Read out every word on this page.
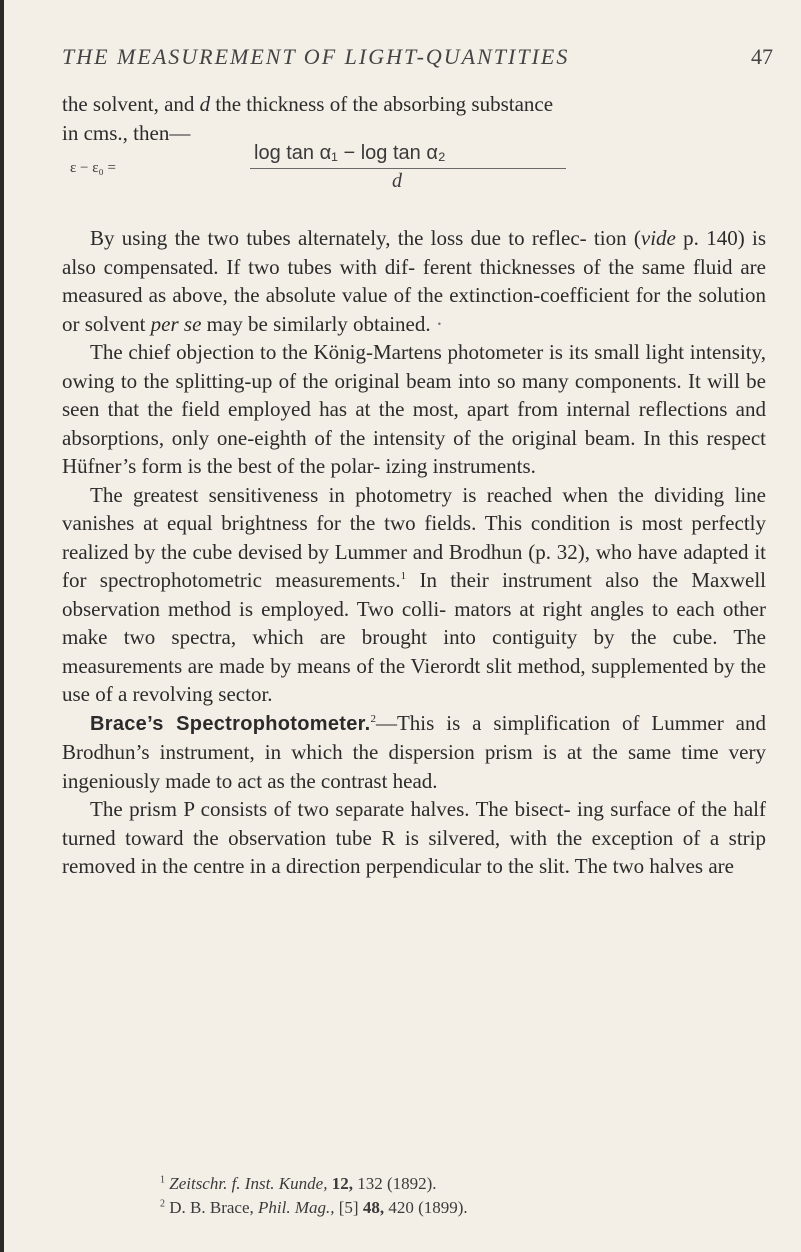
THE MEASUREMENT OF LIGHT-QUANTITIES	47

the solvent, and d the thickness of the absorbing substance

in cms., then—

ε − ε₀ =
log tan α₁ − log tan α₂
d

By using the two tubes alternately, the loss due to reflec- tion (vide p. 140) is also compensated. If two tubes with dif- ferent thicknesses of the same fluid are measured as above, the absolute value of the extinction-coefficient for the solution or solvent per se may be similarly obtained. ·

The chief objection to the König-Martens photometer is its small light intensity, owing to the splitting-up of the original beam into so many components. It will be seen that the field employed has at the most, apart from internal reflections and absorptions, only one-eighth of the intensity of the original beam. In this respect Hüfner’s form is the best of the polar- izing instruments.

The greatest sensitiveness in photometry is reached when the dividing line vanishes at equal brightness for the two fields. This condition is most perfectly realized by the cube devised by Lummer and Brodhun (p. 32), who have adapted it for spectrophotometric measurements.$^1$ In their instrument also the Maxwell observation method is employed. Two colli- mators at right angles to each other make two spectra, which are brought into contiguity by the cube. The measurements are made by means of the Vierordt slit method, supplemented by the use of a revolving sector.

Brace’s Spectrophotometer.$^2$—This is a simplification of Lummer and Brodhun’s instrument, in which the dispersion prism is at the same time very ingeniously made to act as the contrast head.

The prism P consists of two separate halves. The bisect- ing surface of the half turned toward the observation tube R is silvered, with the exception of a strip removed in the centre in a direction perpendicular to the slit. The two halves are

$^1$ Zeitschr. f. Inst. Kunde, 12, 132 (1892).

$^2$ D. B. Brace, Phil. Mag., [5] 48, 420 (1899).
